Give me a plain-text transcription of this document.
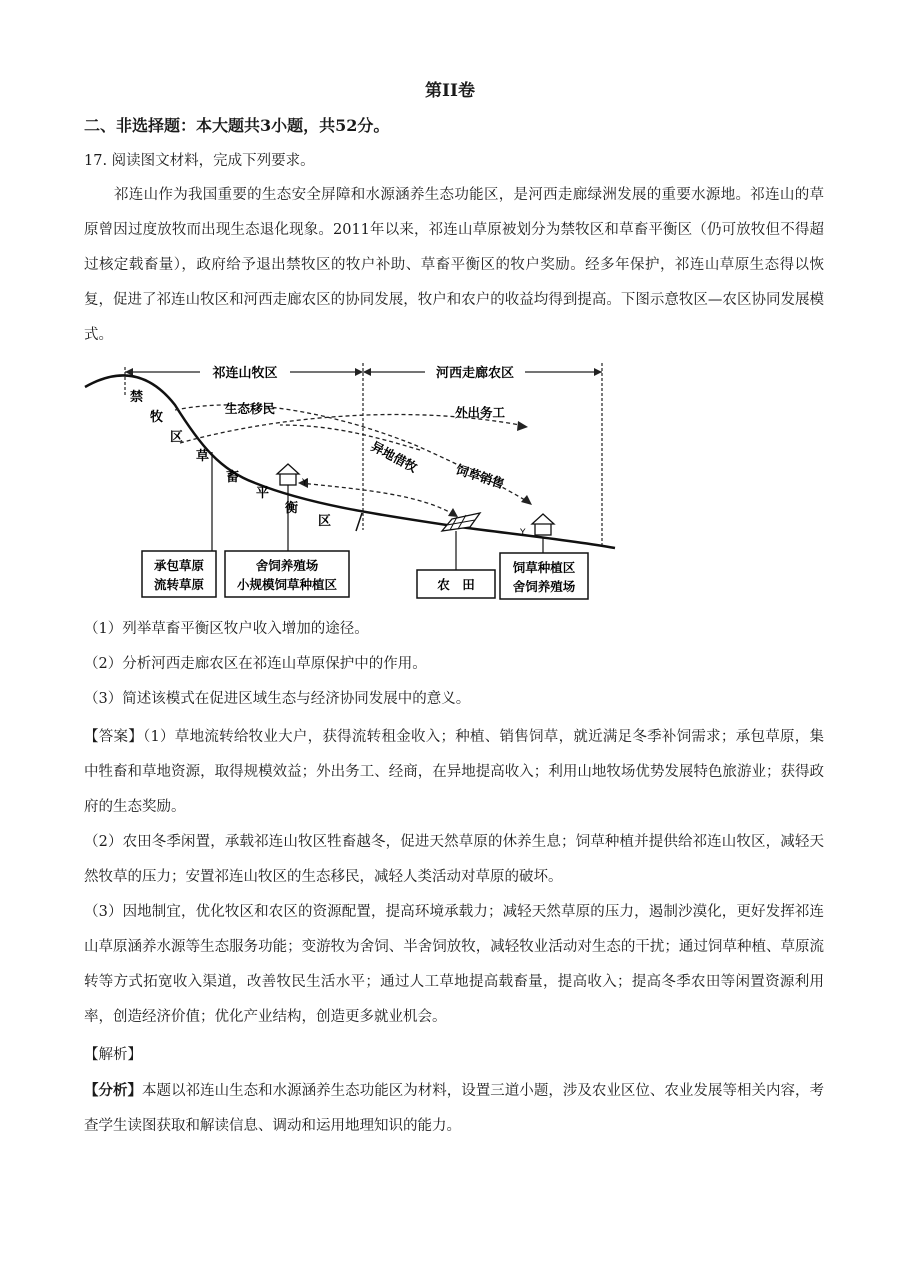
第II卷
二、非选择题：本大题共3小题，共52分。

17. 阅读图文材料，完成下列要求。

祁连山作为我国重要的生态安全屏障和水源涵养生态功能区，是河西走廊绿洲发展的重要水源地。祁连山的草原曾因过度放牧而出现生态退化现象。2011年以来，祁连山草原被划分为禁牧区和草畜平衡区（仍可放牧但不得超过核定载畜量），政府给予退出禁牧区的牧户补助、草畜平衡区的牧户奖励。经多年保护，祁连山草原生态得以恢复，促进了祁连山牧区和河西走廊农区的协同发展，牧户和农户的收益均得到提高。下图示意牧区—农区协同发展模式。

祁连山牧区	河西走廊农区
禁
牧
区
草
畜
平
衡
区
生态移民	外出务工
异地借牧
饲草销售
Y
Y
承包草原
流转草原
舍饲养殖场
小规模饲草种植区	农　田
饲草种植区
舍饲养殖场
（1）列举草畜平衡区牧户收入增加的途径。
（2）分析河西走廊农区在祁连山草原保护中的作用。
（3）简述该模式在促进区域生态与经济协同发展中的意义。
【答案】（1）草地流转给牧业大户，获得流转租金收入；种植、销售饲草，就近满足冬季补饲需求；承包草原，集中牲畜和草地资源，取得规模效益；外出务工、经商，在异地提高收入；利用山地牧场优势发展特色旅游业；获得政府的生态奖励。
（2）农田冬季闲置，承载祁连山牧区牲畜越冬，促进天然草原的休养生息；饲草种植并提供给祁连山牧区，减轻天然牧草的压力；安置祁连山牧区的生态移民，减轻人类活动对草原的破坏。
（3）因地制宜，优化牧区和农区的资源配置，提高环境承载力；减轻天然草原的压力，遏制沙漠化，更好发挥祁连山草原涵养水源等生态服务功能；变游牧为舍饲、半舍饲放牧，减轻牧业活动对生态的干扰；通过饲草种植、草原流转等方式拓宽收入渠道，改善牧民生活水平；通过人工草地提高载畜量，提高收入；提高冬季农田等闲置资源利用率，创造经济价值；优化产业结构，创造更多就业机会。
【解析】
【分析】本题以祁连山生态和水源涵养生态功能区为材料，设置三道小题，涉及农业区位、农业发展等相关内容，考查学生读图获取和解读信息、调动和运用地理知识的能力。
